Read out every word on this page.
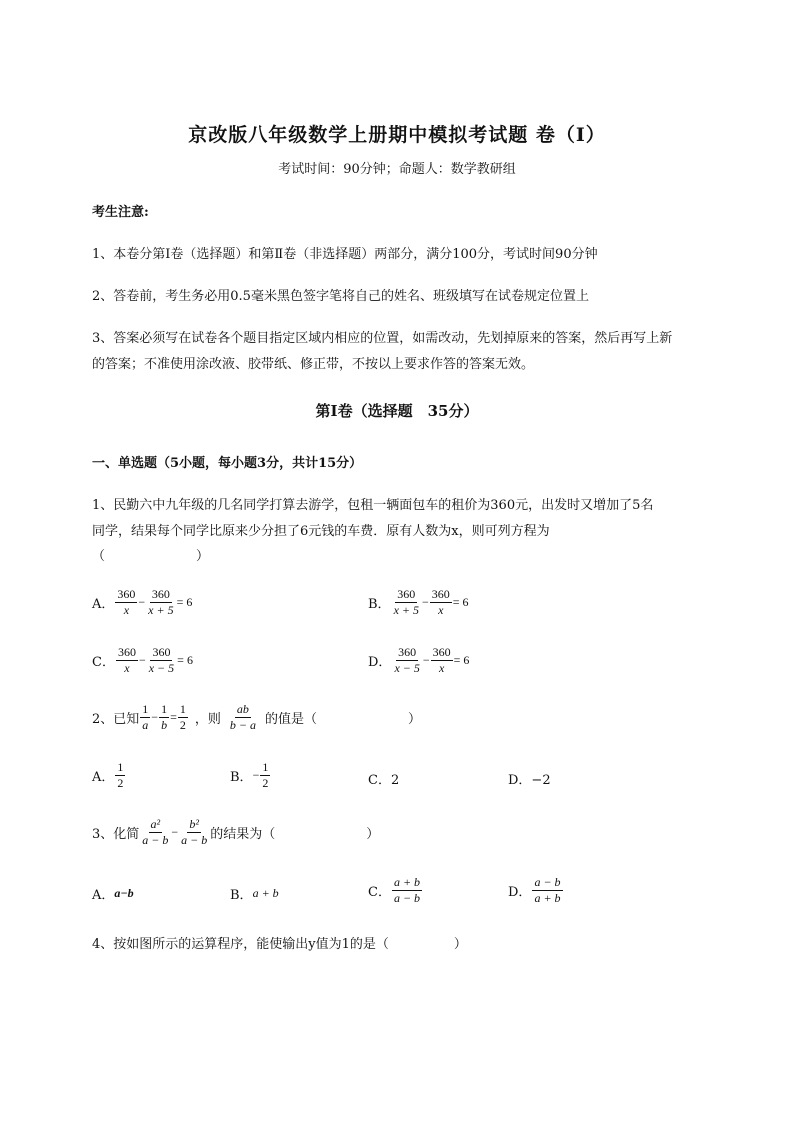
京改版八年级数学上册期中模拟考试题 卷（Ⅰ）
考试时间：90分钟；命题人：数学教研组
考生注意:
1、本卷分第I卷（选择题）和第Ⅱ卷（非选择题）两部分，满分100分，考试时间90分钟
2、答卷前，考生务必用0.5毫米黑色签字笔将自己的姓名、班级填写在试卷规定位置上
3、答案必须写在试卷各个题目指定区域内相应的位置，如需改动，先划掉原来的答案，然后再写上新
的答案；不准使用涂改液、胶带纸、修正带，不按以上要求作答的答案无效。
第I卷（选择题　35分）
一、单选题（5小题，每小题3分，共计15分）
1、民勤六中九年级的几名同学打算去游学，包租一辆面包车的租价为360元，出发时又增加了5名
同学，结果每个同学比原来少分担了6元钱的车费．原有人数为x，则可列方程为
（　　　　　　　）
A． $\frac{360}{x} - \frac{360}{x + 5} = 6$	B． $\frac{360}{x + 5} - \frac{360}{x} = 6$
C． $\frac{360}{x} - \frac{360}{x - 5} = 6$	D． $\frac{360}{x - 5} - \frac{360}{x} = 6$
2、已知 $\frac{1}{a} - \frac{1}{b} = \frac{1}{2}$ ，则 $\frac{ab}{b - a}$ 的值是（　　　　　　　）
A． $\frac{1}{2}$	B． − $\frac{1}{2}$	C．2	D．−2
3、化简 $\frac{\text{a²}}{a - b} - \frac{\text{b²}}{a - b}$ 的结果为（　　　　　　　）
A． a−b	B． a + b	C． $\frac{a + b}{a - b}$	D． $\frac{a - b}{a + b}$
4、按如图所示的运算程序，能使输出y值为1的是（　　　　　）
